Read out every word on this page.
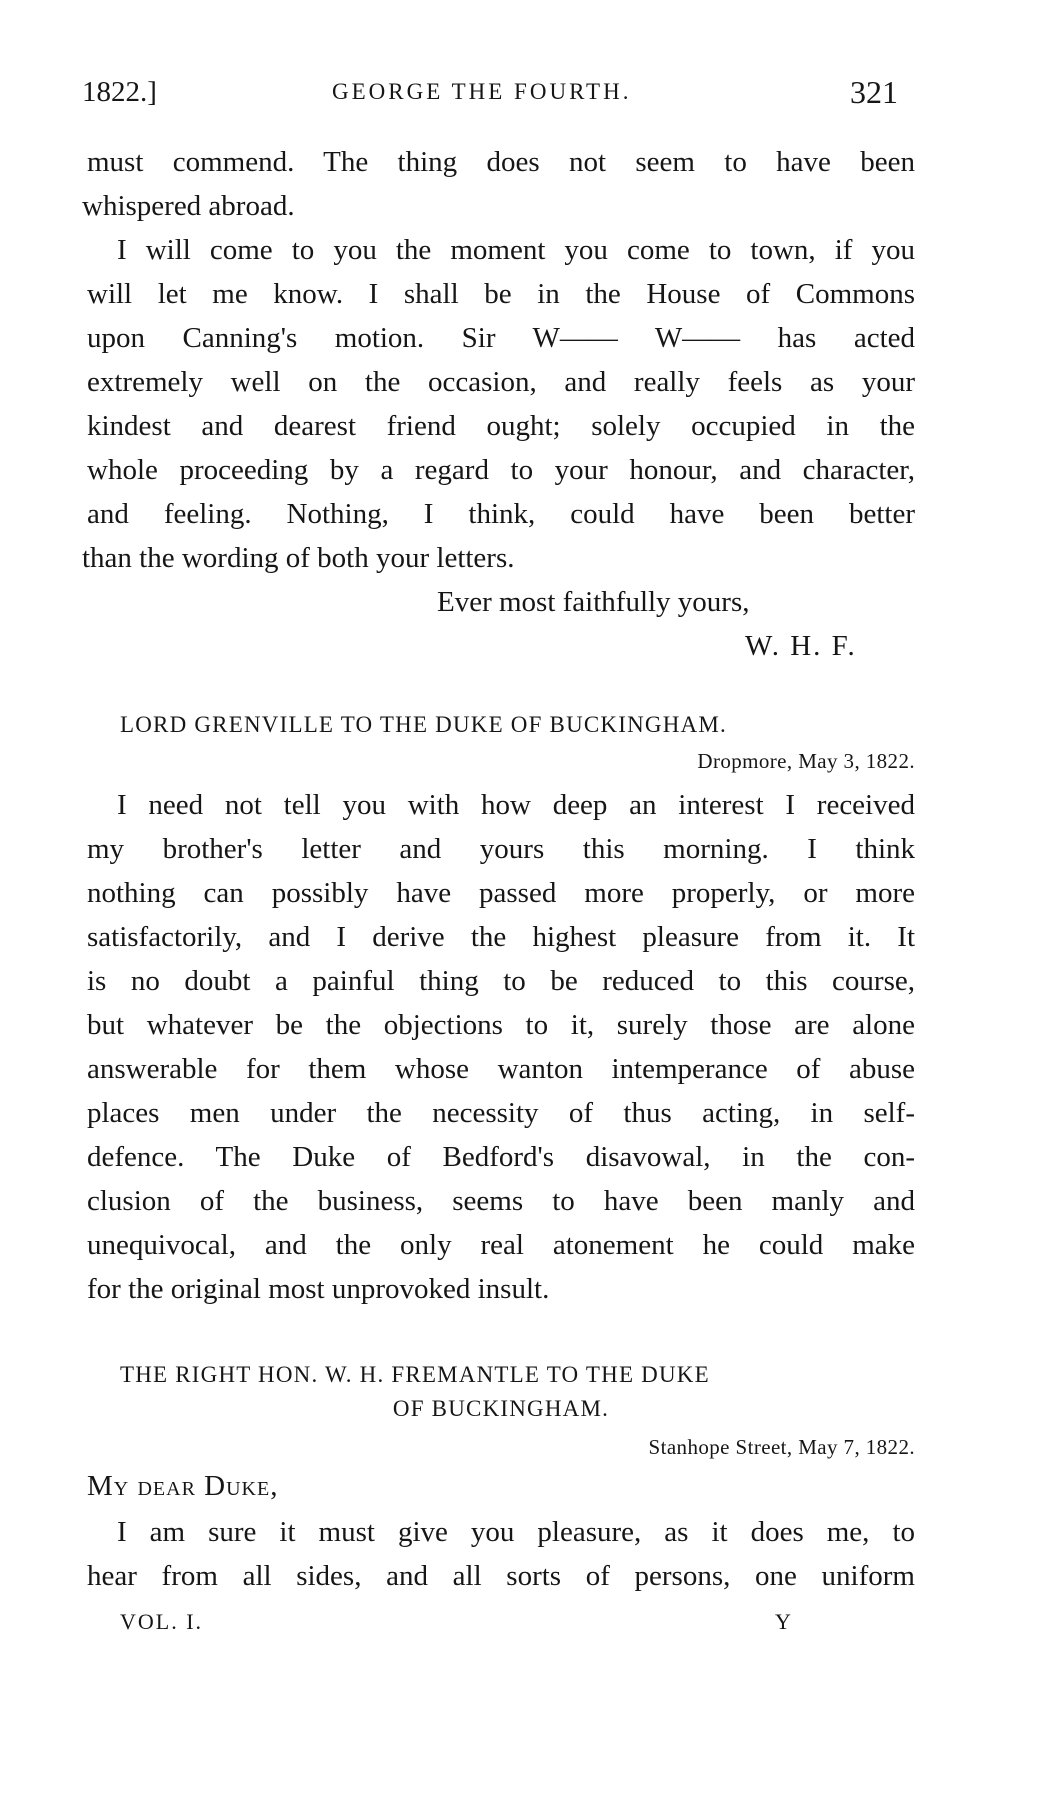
1822.]	GEORGE THE FOURTH.	321
must commend. The thing does not seem to have been
whispered abroad.
I will come to you the moment you come to town, if you
will let me know. I shall be in the House of Commons
upon Canning's motion. Sir W—— W—— has acted
extremely well on the occasion, and really feels as your
kindest and dearest friend ought; solely occupied in the
whole proceeding by a regard to your honour, and character,
and feeling. Nothing, I think, could have been better
than the wording of both your letters.
Ever most faithfully yours,
W. H. F.
LORD GRENVILLE TO THE DUKE OF BUCKINGHAM.
Dropmore, May 3, 1822.
I need not tell you with how deep an interest I received
my brother's letter and yours this morning. I think
nothing can possibly have passed more properly, or more
satisfactorily, and I derive the highest pleasure from it. It
is no doubt a painful thing to be reduced to this course,
but whatever be the objections to it, surely those are alone
answerable for them whose wanton intemperance of abuse
places men under the necessity of thus acting, in self-
defence. The Duke of Bedford's disavowal, in the con-
clusion of the business, seems to have been manly and
unequivocal, and the only real atonement he could make
for the original most unprovoked insult.
THE RIGHT HON. W. H. FREMANTLE TO THE DUKE
OF BUCKINGHAM.
Stanhope Street, May 7, 1822.
My dear Duke,
I am sure it must give you pleasure, as it does me, to
hear from all sides, and all sorts of persons, one uniform
VOL. I.	Y
